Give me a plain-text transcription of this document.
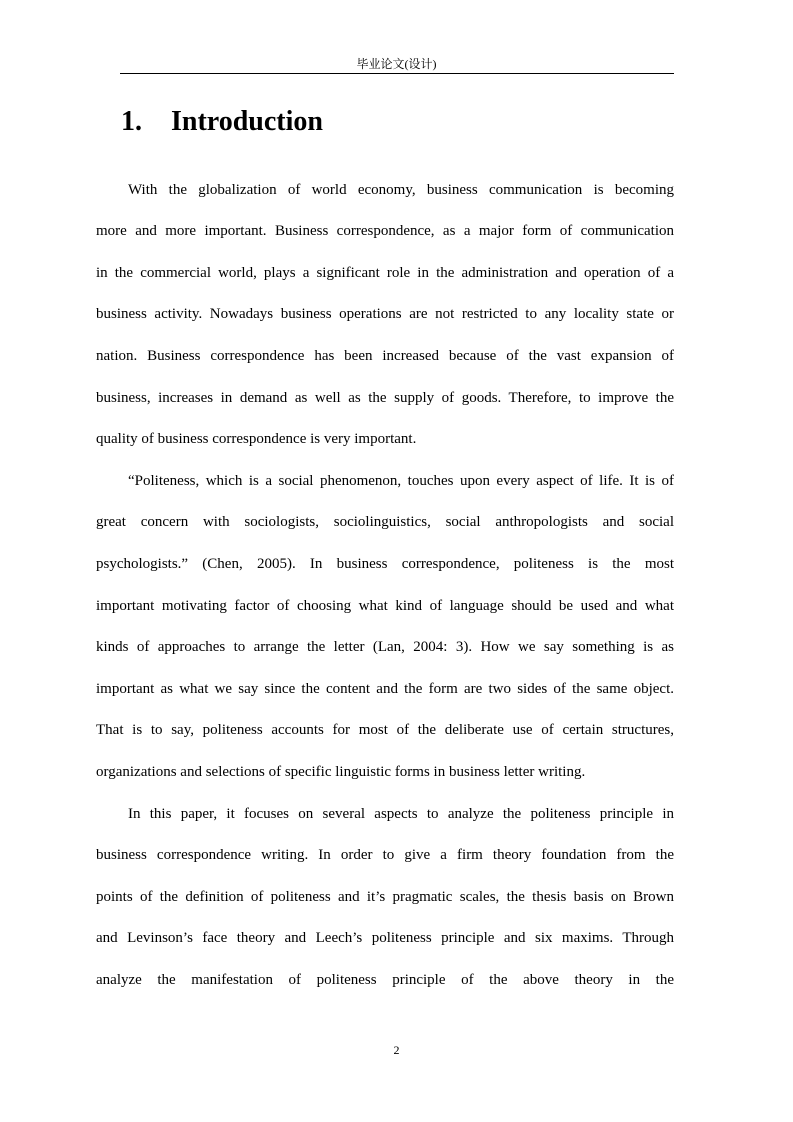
毕业论文(设计)
1. Introduction
With the globalization of world economy, business communication is becoming
more and more important. Business correspondence, as a major form of communication
in the commercial world, plays a significant role in the administration and operation of a
business activity. Nowadays business operations are not restricted to any locality state or
nation. Business correspondence has been increased because of the vast expansion of
business, increases in demand as well as the supply of goods. Therefore, to improve the
quality of business correspondence is very important.
“Politeness, which is a social phenomenon, touches upon every aspect of life. It is of
great concern with sociologists, sociolinguistics, social anthropologists and social
psychologists.” (Chen, 2005). In business correspondence, politeness is the most
important motivating factor of choosing what kind of language should be used and what
kinds of approaches to arrange the letter (Lan, 2004: 3). How we say something is as
important as what we say since the content and the form are two sides of the same object.
That is to say, politeness accounts for most of the deliberate use of certain structures,
organizations and selections of specific linguistic forms in business letter writing.
In this paper, it focuses on several aspects to analyze the politeness principle in
business correspondence writing. In order to give a firm theory foundation from the
points of the definition of politeness and it’s pragmatic scales, the thesis basis on Brown
and Levinson’s face theory and Leech’s politeness principle and six maxims. Through
analyze the manifestation of politeness principle of the above theory in the
2
